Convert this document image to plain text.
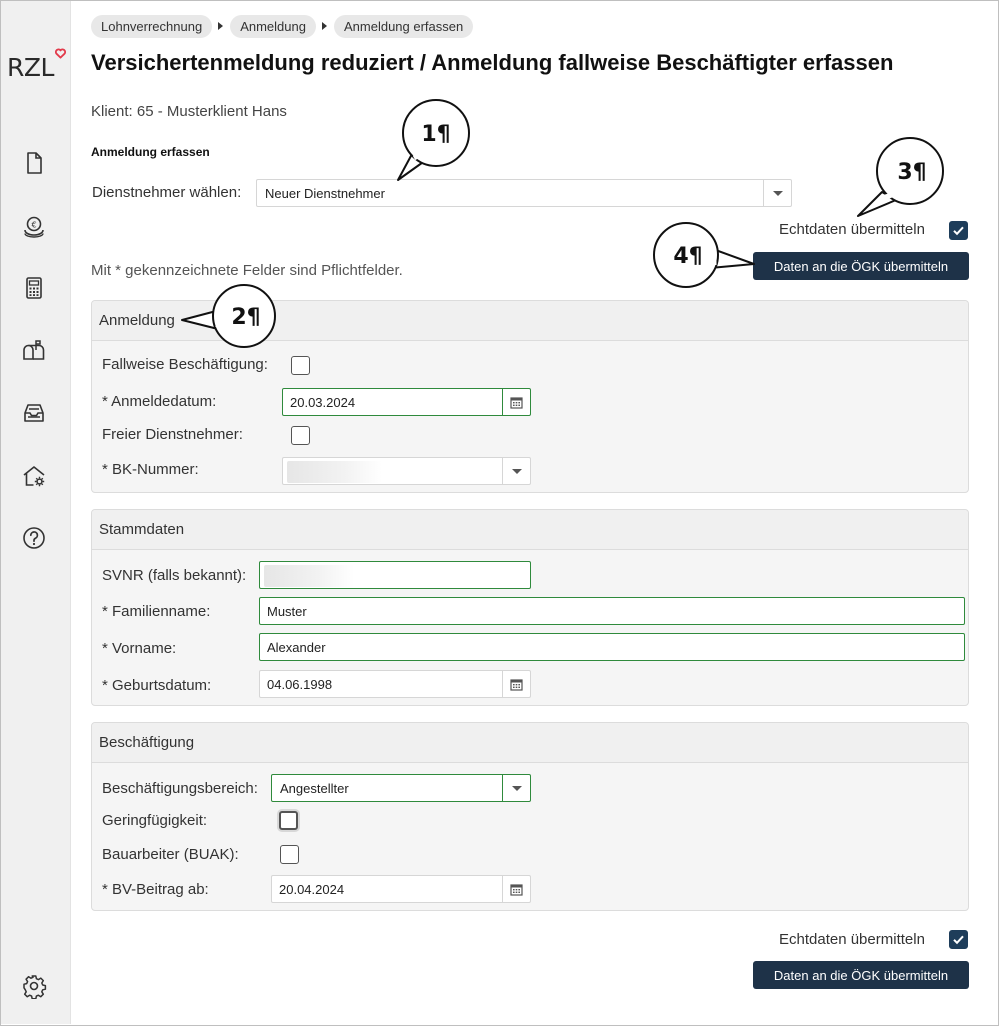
RZL
€
Lohnverrechnung	Anmeldung	Anmeldung erfassen
Versichertenmeldung reduziert / Anmeldung fallweise Beschäftigter erfassen
Klient: 65 - Musterklient Hans
Anmeldung erfassen
Dienstnehmer wählen: Neuer Dienstnehmer
Echtdaten übermitteln
Daten an die ÖGK übermitteln
Mit * gekennzeichnete Felder sind Pflichtfelder.
Anmeldung
Fallweise Beschäftigung:
* Anmeldedatum:	20.03.2024
Freier Dienstnehmer:
* BK-Nummer:
Stammdaten
SVNR (falls bekannt):
* Familienname:	Muster
* Vorname:	Alexander
* Geburtsdatum:	04.06.1998
Beschäftigung
Beschäftigungsbereich: Angestellter
Geringfügigkeit:
Bauarbeiter (BUAK):
* BV-Beitrag ab:	20.04.2024
Echtdaten übermitteln
Daten an die ÖGK übermitteln
1¶
2¶
3¶
4¶
